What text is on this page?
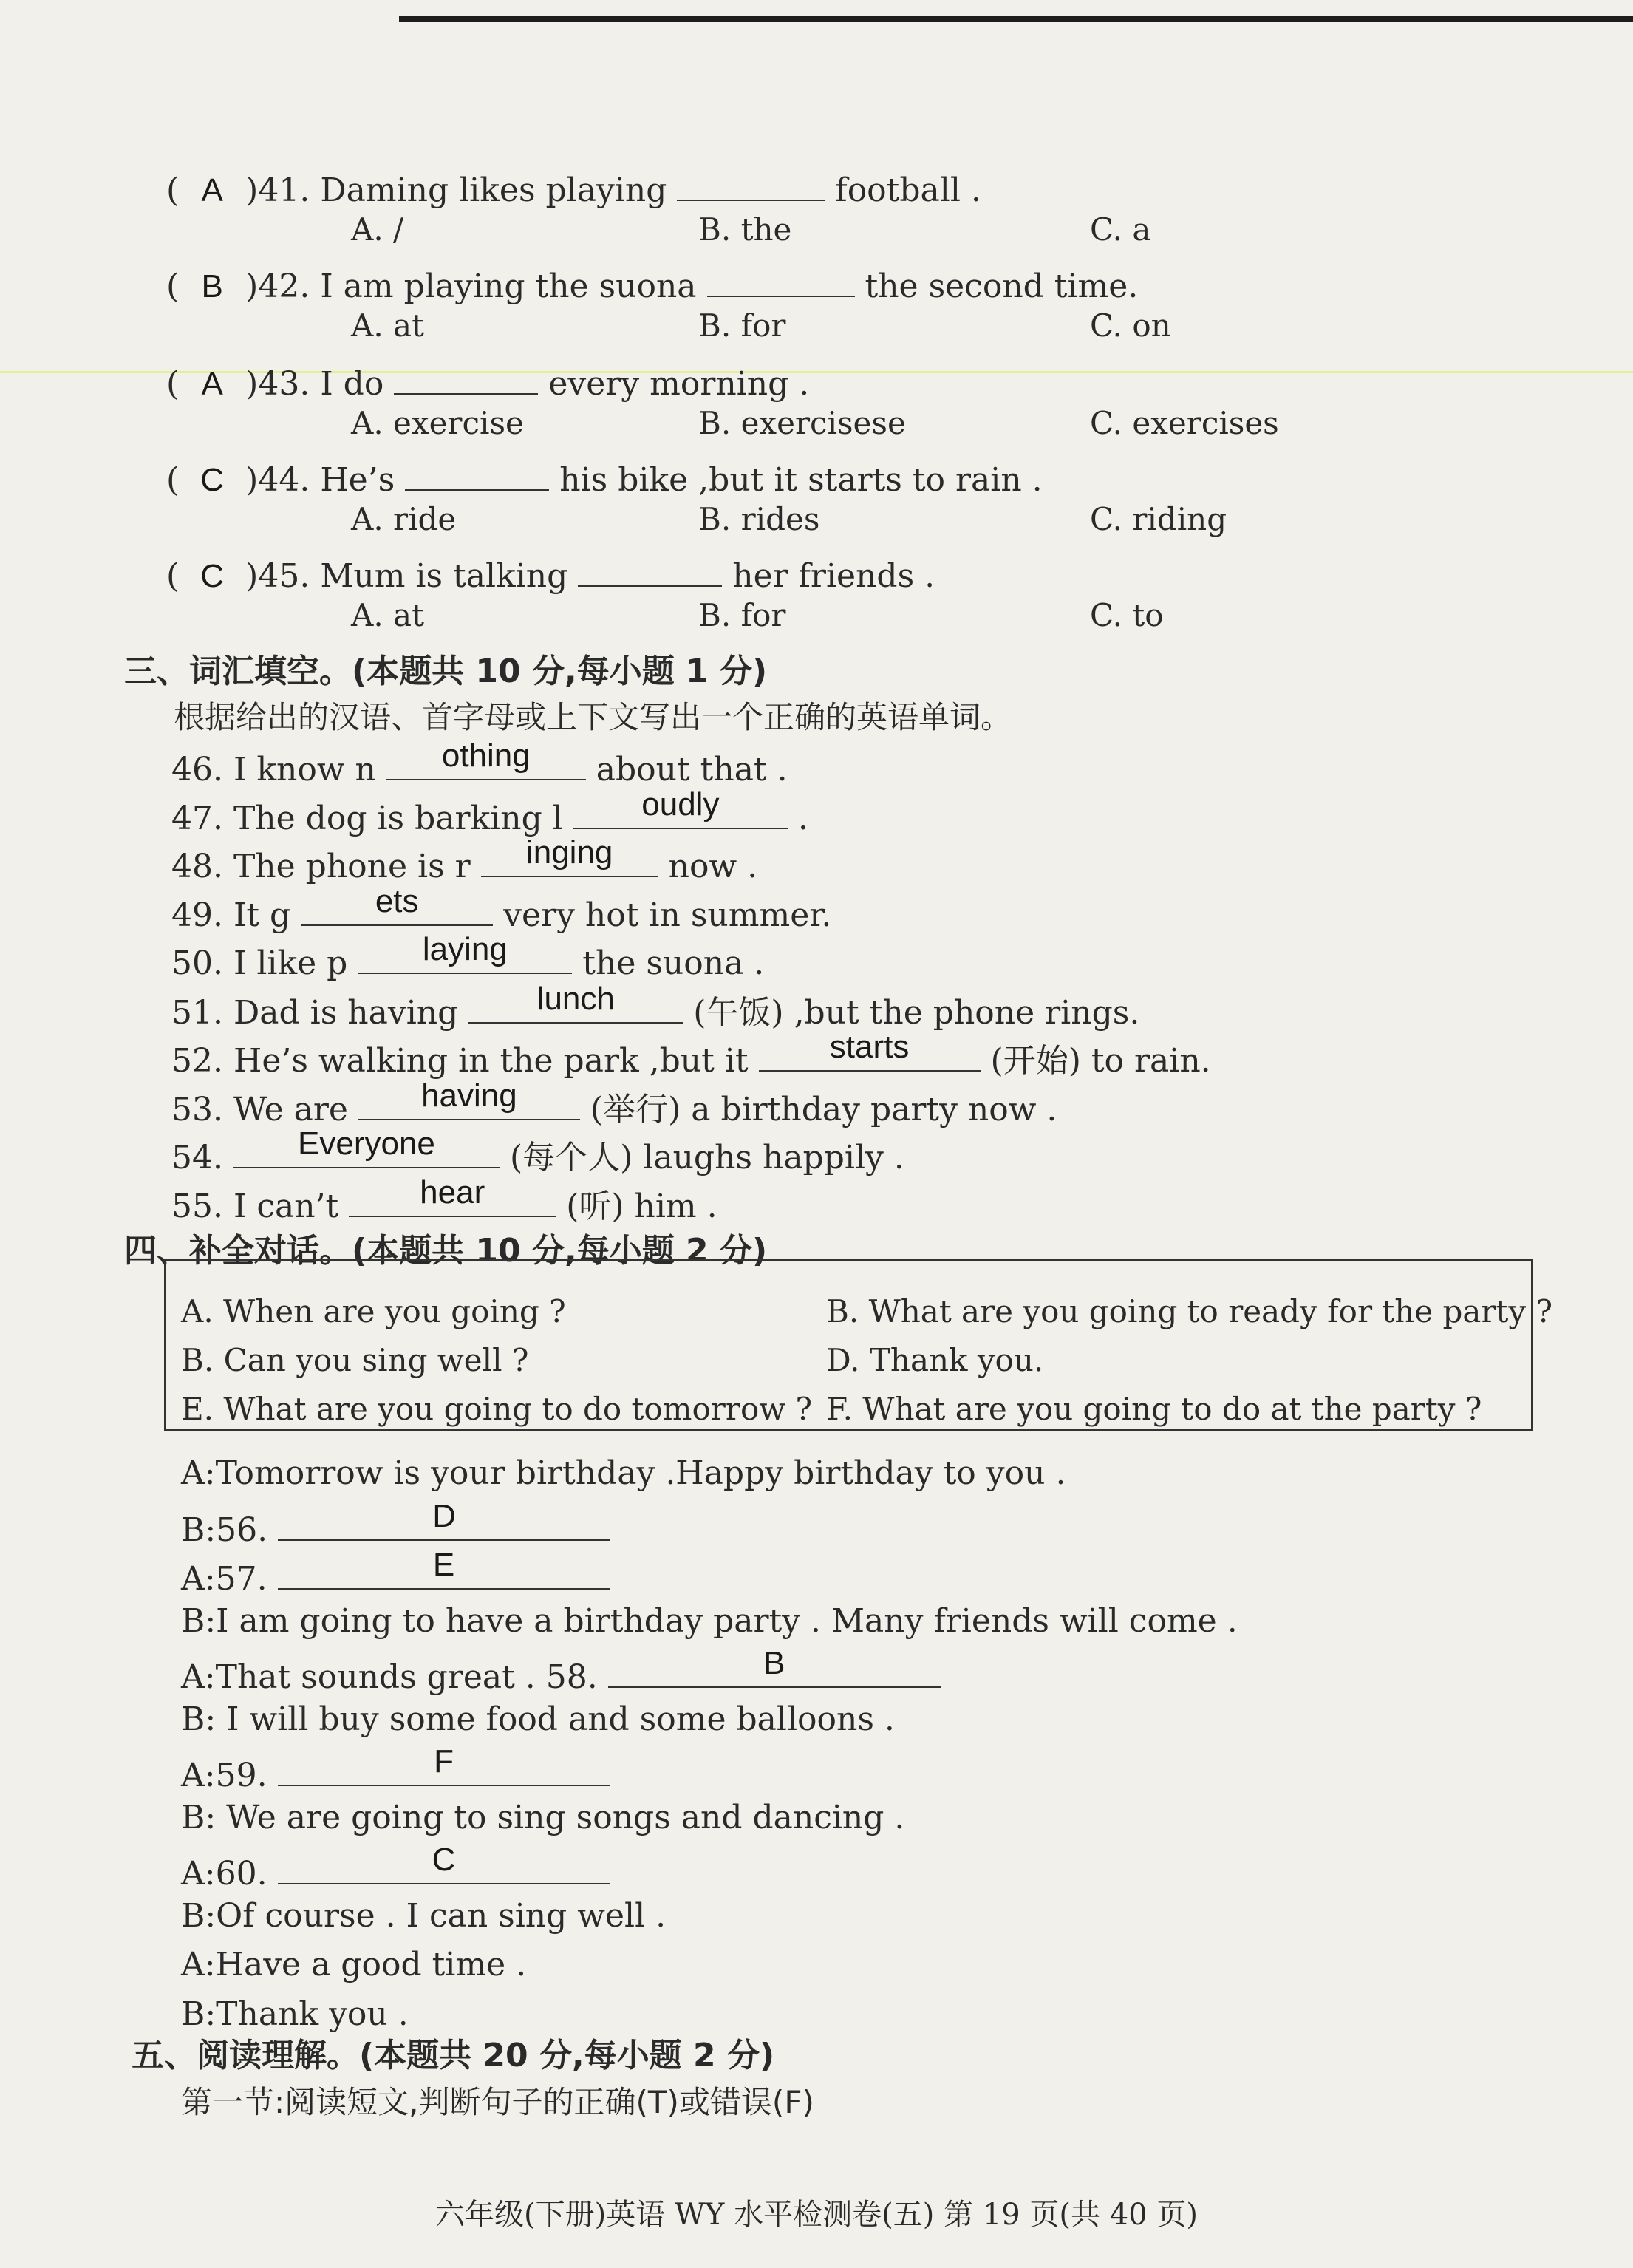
( A )41. Daming likes playing	football .
A. /	B. the	C. a
( B )42. I am playing the suona	the second time.
A. at	B. for	C. on
( A )43. I do	every morning .
A. exercise	B. exercisese	C. exercises
( C )44. He’s	his bike ,but it starts to rain .
A. ride	B. rides	C. riding
( C )45. Mum is talking	her friends .
A. at	B. for	C. to
三、词汇填空。(本题共 10 分,每小题 1 分)
根据给出的汉语、首字母或上下文写出一个正确的英语单词。
46. I know n	othing	about that .
47. The dog is barking l	oudly	.
48. The phone is r	inging	now .
49. It g	ets	very hot in summer.
50. I like p	laying	the suona .
51. Dad is having	lunch	(午饭) ,but the phone rings.
52. He’s walking in the park ,but it	starts	(开始) to rain.
53. We are	having	(举行) a birthday party now .
54.	Everyone	(每个人) laughs happily .
55. I can’t	hear	(听) him .
四、补全对话。(本题共 10 分,每小题 2 分)
A. When are you going ?	B. What are you going to ready for the party ?
B. Can you sing well ?	D. Thank you.
E. What are you going to do tomorrow ? F. What are you going to do at the party ?
A:Tomorrow is your birthday .Happy birthday to you .
B:56.	D
A:57.	E
B:I am going to have a birthday party . Many friends will come .
A:That sounds great . 58.	B
B: I will buy some food and some balloons .
A:59.	F
B: We are going to sing songs and dancing .
A:60.	C
B:Of course . I can sing well .
A:Have a good time .
B:Thank you .
五、阅读理解。(本题共 20 分,每小题 2 分)
第一节:阅读短文,判断句子的正确(T)或错误(F)
六年级(下册)英语 WY 水平检测卷(五) 第 19 页(共 40 页)
